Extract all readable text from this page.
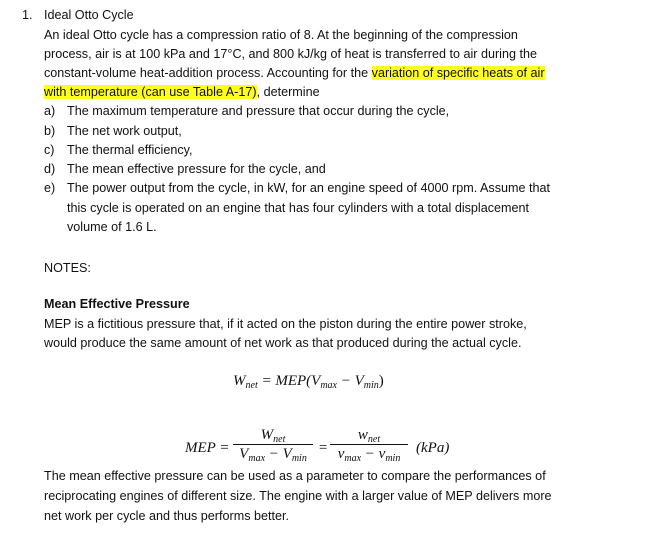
1. Ideal Otto Cycle
An ideal Otto cycle has a compression ratio of 8. At the beginning of the compression
process, air is at 100 kPa and 17°C, and 800 kJ/kg of heat is transferred to air during the
constant-volume heat-addition process. Accounting for the variation of specific heats of air
with temperature (can use Table A-17), determine
a) The maximum temperature and pressure that occur during the cycle,
b) The net work output,
c) The thermal efficiency,
d) The mean effective pressure for the cycle, and
e) The power output from the cycle, in kW, for an engine speed of 4000 rpm. Assume that
this cycle is operated on an engine that has four cylinders with a total displacement
volume of 1.6 L.
NOTES:
Mean Effective Pressure
MEP is a fictitious pressure that, if it acted on the piston during the entire power stroke,
would produce the same amount of net work as that produced during the actual cycle.
$W_{net} = MEP(V_{max} - V_{min})$
MEP =
$W_{net}$
$V_{max} - V_{min}$
=
$w_{net}$
$v_{max} - v_{min}$
(kPa)
The mean effective pressure can be used as a parameter to compare the performances of
reciprocating engines of different size. The engine with a larger value of MEP delivers more
net work per cycle and thus performs better.
